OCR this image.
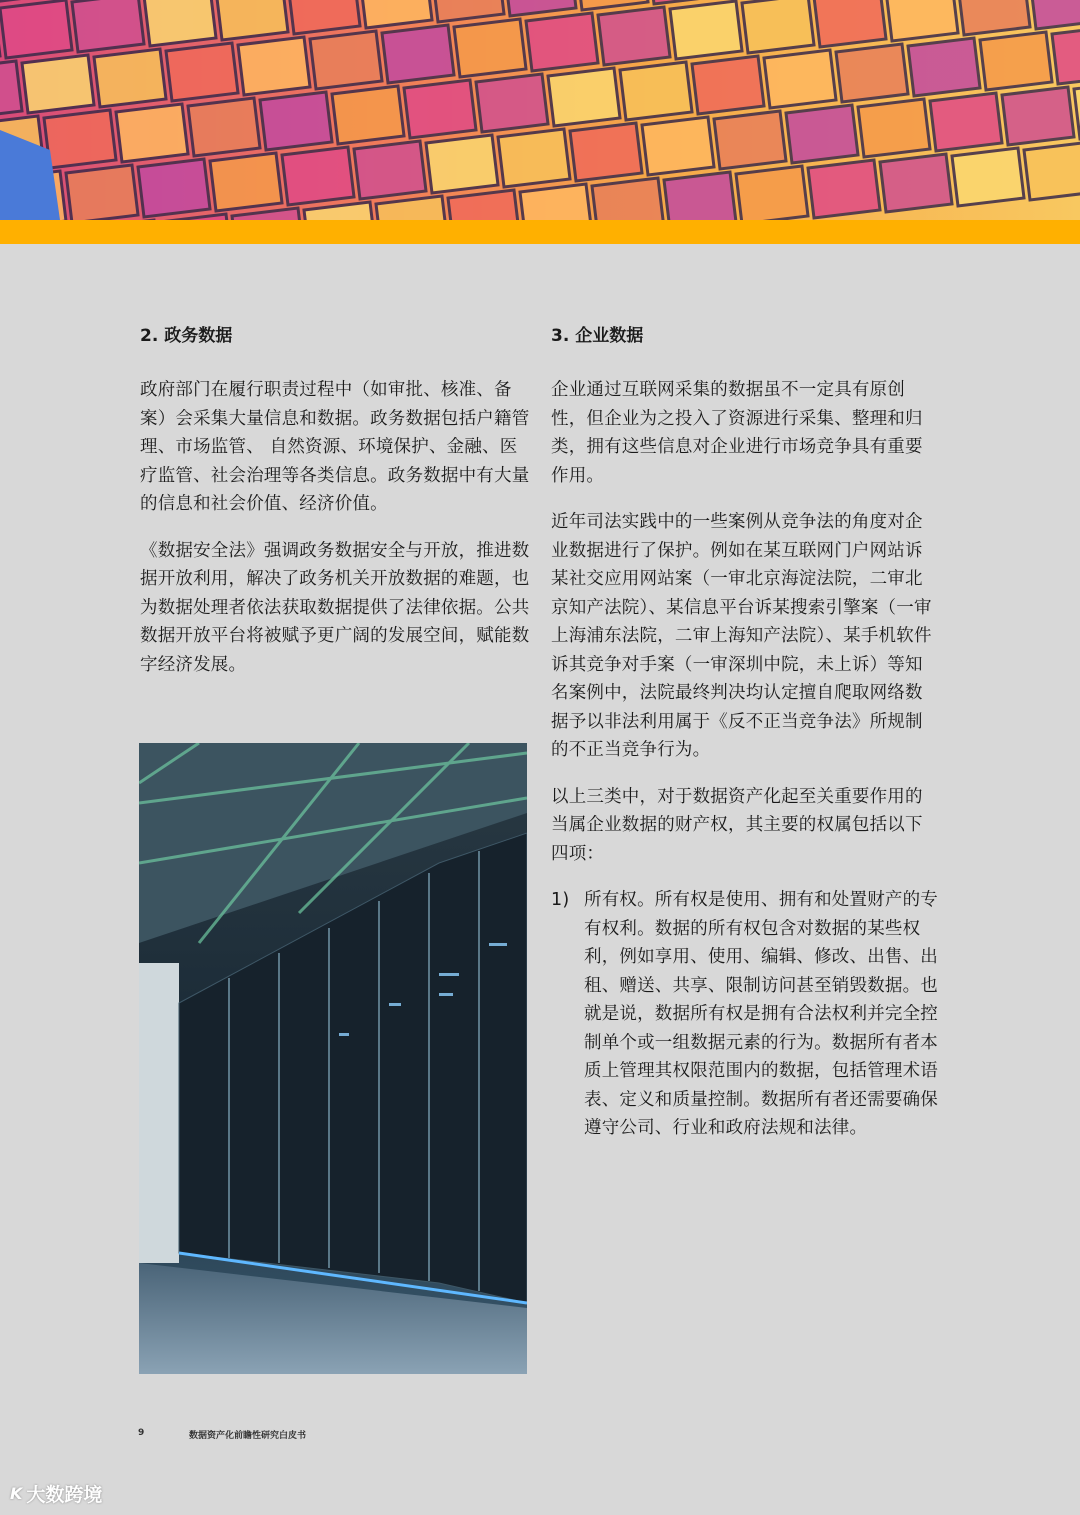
2. 政务数据

政府部门在履行职责过程中（如审批、核准、备案）会采集大量信息和数据。政务数据包括户籍管理、市场监管、 自然资源、环境保护、金融、医疗监管、社会治理等各类信息。政务数据中有大量的信息和社会价值、经济价值。

《数据安全法》强调政务数据安全与开放，推进数据开放利用，解决了政务机关开放数据的难题，也为数据处理者依法获取数据提供了法律依据。公共数据开放平台将被赋予更广阔的发展空间，赋能数字经济发展。

3. 企业数据

企业通过互联网采集的数据虽不一定具有原创性，但企业为之投入了资源进行采集、整理和归类，拥有这些信息对企业进行市场竞争具有重要作用。

近年司法实践中的一些案例从竞争法的角度对企业数据进行了保护。例如在某互联网门户网站诉某社交应用网站案（一审北京海淀法院，二审北京知产法院）、某信息平台诉某搜索引擎案（一审上海浦东法院，二审上海知产法院）、某手机软件诉其竞争对手案（一审深圳中院，未上诉）等知名案例中，法院最终判决均认定擅自爬取网络数据予以非法利用属于《反不正当竞争法》所规制的不正当竞争行为。

以上三类中，对于数据资产化起至关重要作用的当属企业数据的财产权，其主要的权属包括以下四项：

1) 所有权。所有权是使用、拥有和处置财产的专有权利。数据的所有权包含对数据的某些权利，例如享用、使用、编辑、修改、出售、出租、赠送、共享、限制访问甚至销毁数据。也就是说，数据所有权是拥有合法权利并完全控制单个或一组数据元素的行为。数据所有者本质上管理其权限范围内的数据，包括管理术语表、定义和质量控制。数据所有者还需要确保遵守公司、行业和政府法规和法律。
9	数据资产化前瞻性研究白皮书
K 大数跨境
